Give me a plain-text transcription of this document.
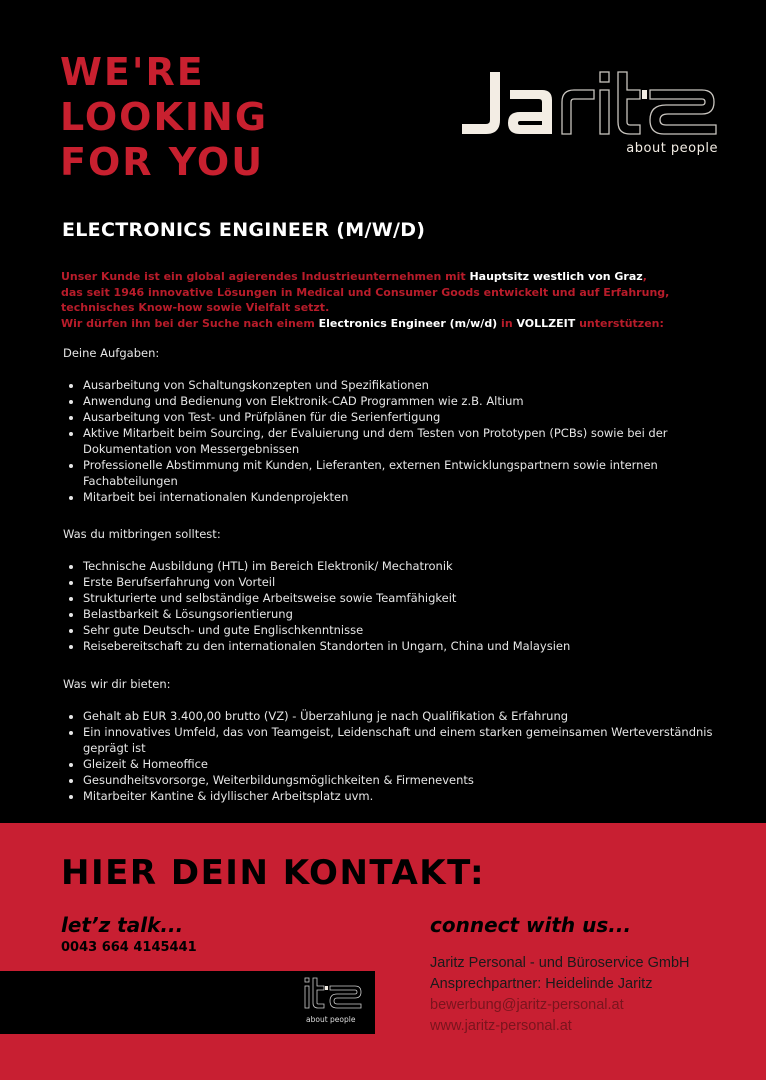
WE'RE
LOOKING
FOR YOU	about people
ELECTRONICS ENGINEER (M/W/D)
Unser Kunde ist ein global agierendes Industrieunternehmen mit Hauptsitz westlich von Graz,
das seit 1946 innovative Lösungen in Medical und Consumer Goods entwickelt und auf Erfahrung,
technisches Know-how sowie Vielfalt setzt.
Wir dürfen ihn bei der Suche nach einem Electronics Engineer (m/w/d) in VOLLZEIT unterstützen:
Deine Aufgaben:
Ausarbeitung von Schaltungskonzepten und Spezifikationen
Anwendung und Bedienung von Elektronik-CAD Programmen wie z.B. Altium
Ausarbeitung von Test- und Prüfplänen für die Serienfertigung
Aktive Mitarbeit beim Sourcing, der Evaluierung und dem Testen von Prototypen (PCBs) sowie bei der Dokumentation von Messergebnissen
Professionelle Abstimmung mit Kunden, Lieferanten, externen Entwicklungspartnern sowie internen Fachabteilungen
Mitarbeit bei internationalen Kundenprojekten
Was du mitbringen solltest:
Technische Ausbildung (HTL) im Bereich Elektronik/ Mechatronik
Erste Berufserfahrung von Vorteil
Strukturierte und selbständige Arbeitsweise sowie Teamfähigkeit
Belastbarkeit & Lösungsorientierung
Sehr gute Deutsch- und gute Englischkenntnisse
Reisebereitschaft zu den internationalen Standorten in Ungarn, China und Malaysien
Was wir dir bieten:
Gehalt ab EUR 3.400,00 brutto (VZ) - Überzahlung je nach Qualifikation & Erfahrung
Ein innovatives Umfeld, das von Teamgeist, Leidenschaft und einem starken gemeinsamen Werteverständnis geprägt ist
Gleizeit & Homeoffice
Gesundheitsvorsorge, Weiterbildungsmöglichkeiten & Firmenevents
Mitarbeiter Kantine & idyllischer Arbeitsplatz uvm.
HIER DEIN KONTAKT:
let’z talk...
0043 664 4145441
connect with us...
Jaritz Personal - und Büroservice GmbH
Ansprechpartner: Heidelinde Jaritz
bewerbung@jaritz-personal.at
www.jaritz-personal.at
about people
